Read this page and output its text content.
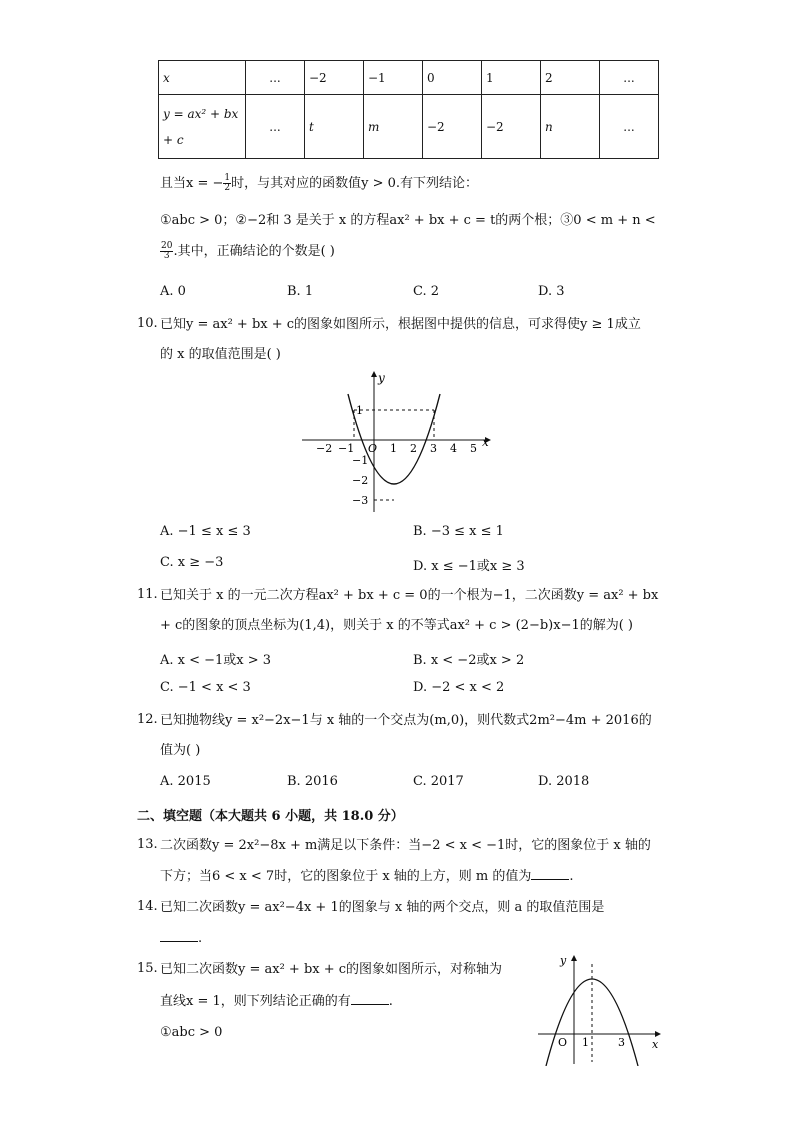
x	...	−2	−1	0	1	2	...

y = ax² + bx
+ c	...	t	m	−2	−2	n	...
且当x = − $\frac{1}{2}$ 时，与其对应的函数值y > 0.有下列结论：
①abc > 0；②−2和 3 是关于 x 的方程ax² + bx + c = t的两个根；③0 < m + n <
$\frac{20}{3}$ .其中，正确结论的个数是( )
A. 0	B. 1	C. 2	D. 3
10. 已知y = ax² + bx + c的图象如图所示，根据图中提供的信息，可求得使y ≥ 1成立
的 x 的取值范围是( )
y
x
O
−2 −1	1 2 3 4 5
1
−1
−2
−3
A. −1 ≤ x ≤ 3	B. −3 ≤ x ≤ 1
C. x ≥ −3	D. x ≤ −1或x ≥ 3
11. 已知关于 x 的一元二次方程ax² + bx + c = 0的一个根为−1，二次函数y = ax² + bx
+ c的图象的顶点坐标为(1,4)，则关于 x 的不等式ax² + c > (2−b)x−1的解为( )
A. x < −1或x > 3	B. x < −2或x > 2
C. −1 < x < 3	D. −2 < x < 2
12. 已知抛物线y = x²−2x−1与 x 轴的一个交点为(m,0)，则代数式2m²−4m + 2016的
值为( )
A. 2015	B. 2016	C. 2017	D. 2018
二、填空题（本大题共 6 小题，共 18.0 分）
13. 二次函数y = 2x²−8x + m满足以下条件：当−2 < x < −1时，它的图象位于 x 轴的
下方；当6 < x < 7时，它的图象位于 x 轴的上方，则 m 的值为	.
14. 已知二次函数y = ax²−4x + 1的图象与 x 轴的两个交点，则 a 的取值范围是
.
15. 已知二次函数y = ax² + bx + c的图象如图所示，对称轴为
直线x = 1，则下列结论正确的有	.
①abc > 0
y
x
O 1	3
